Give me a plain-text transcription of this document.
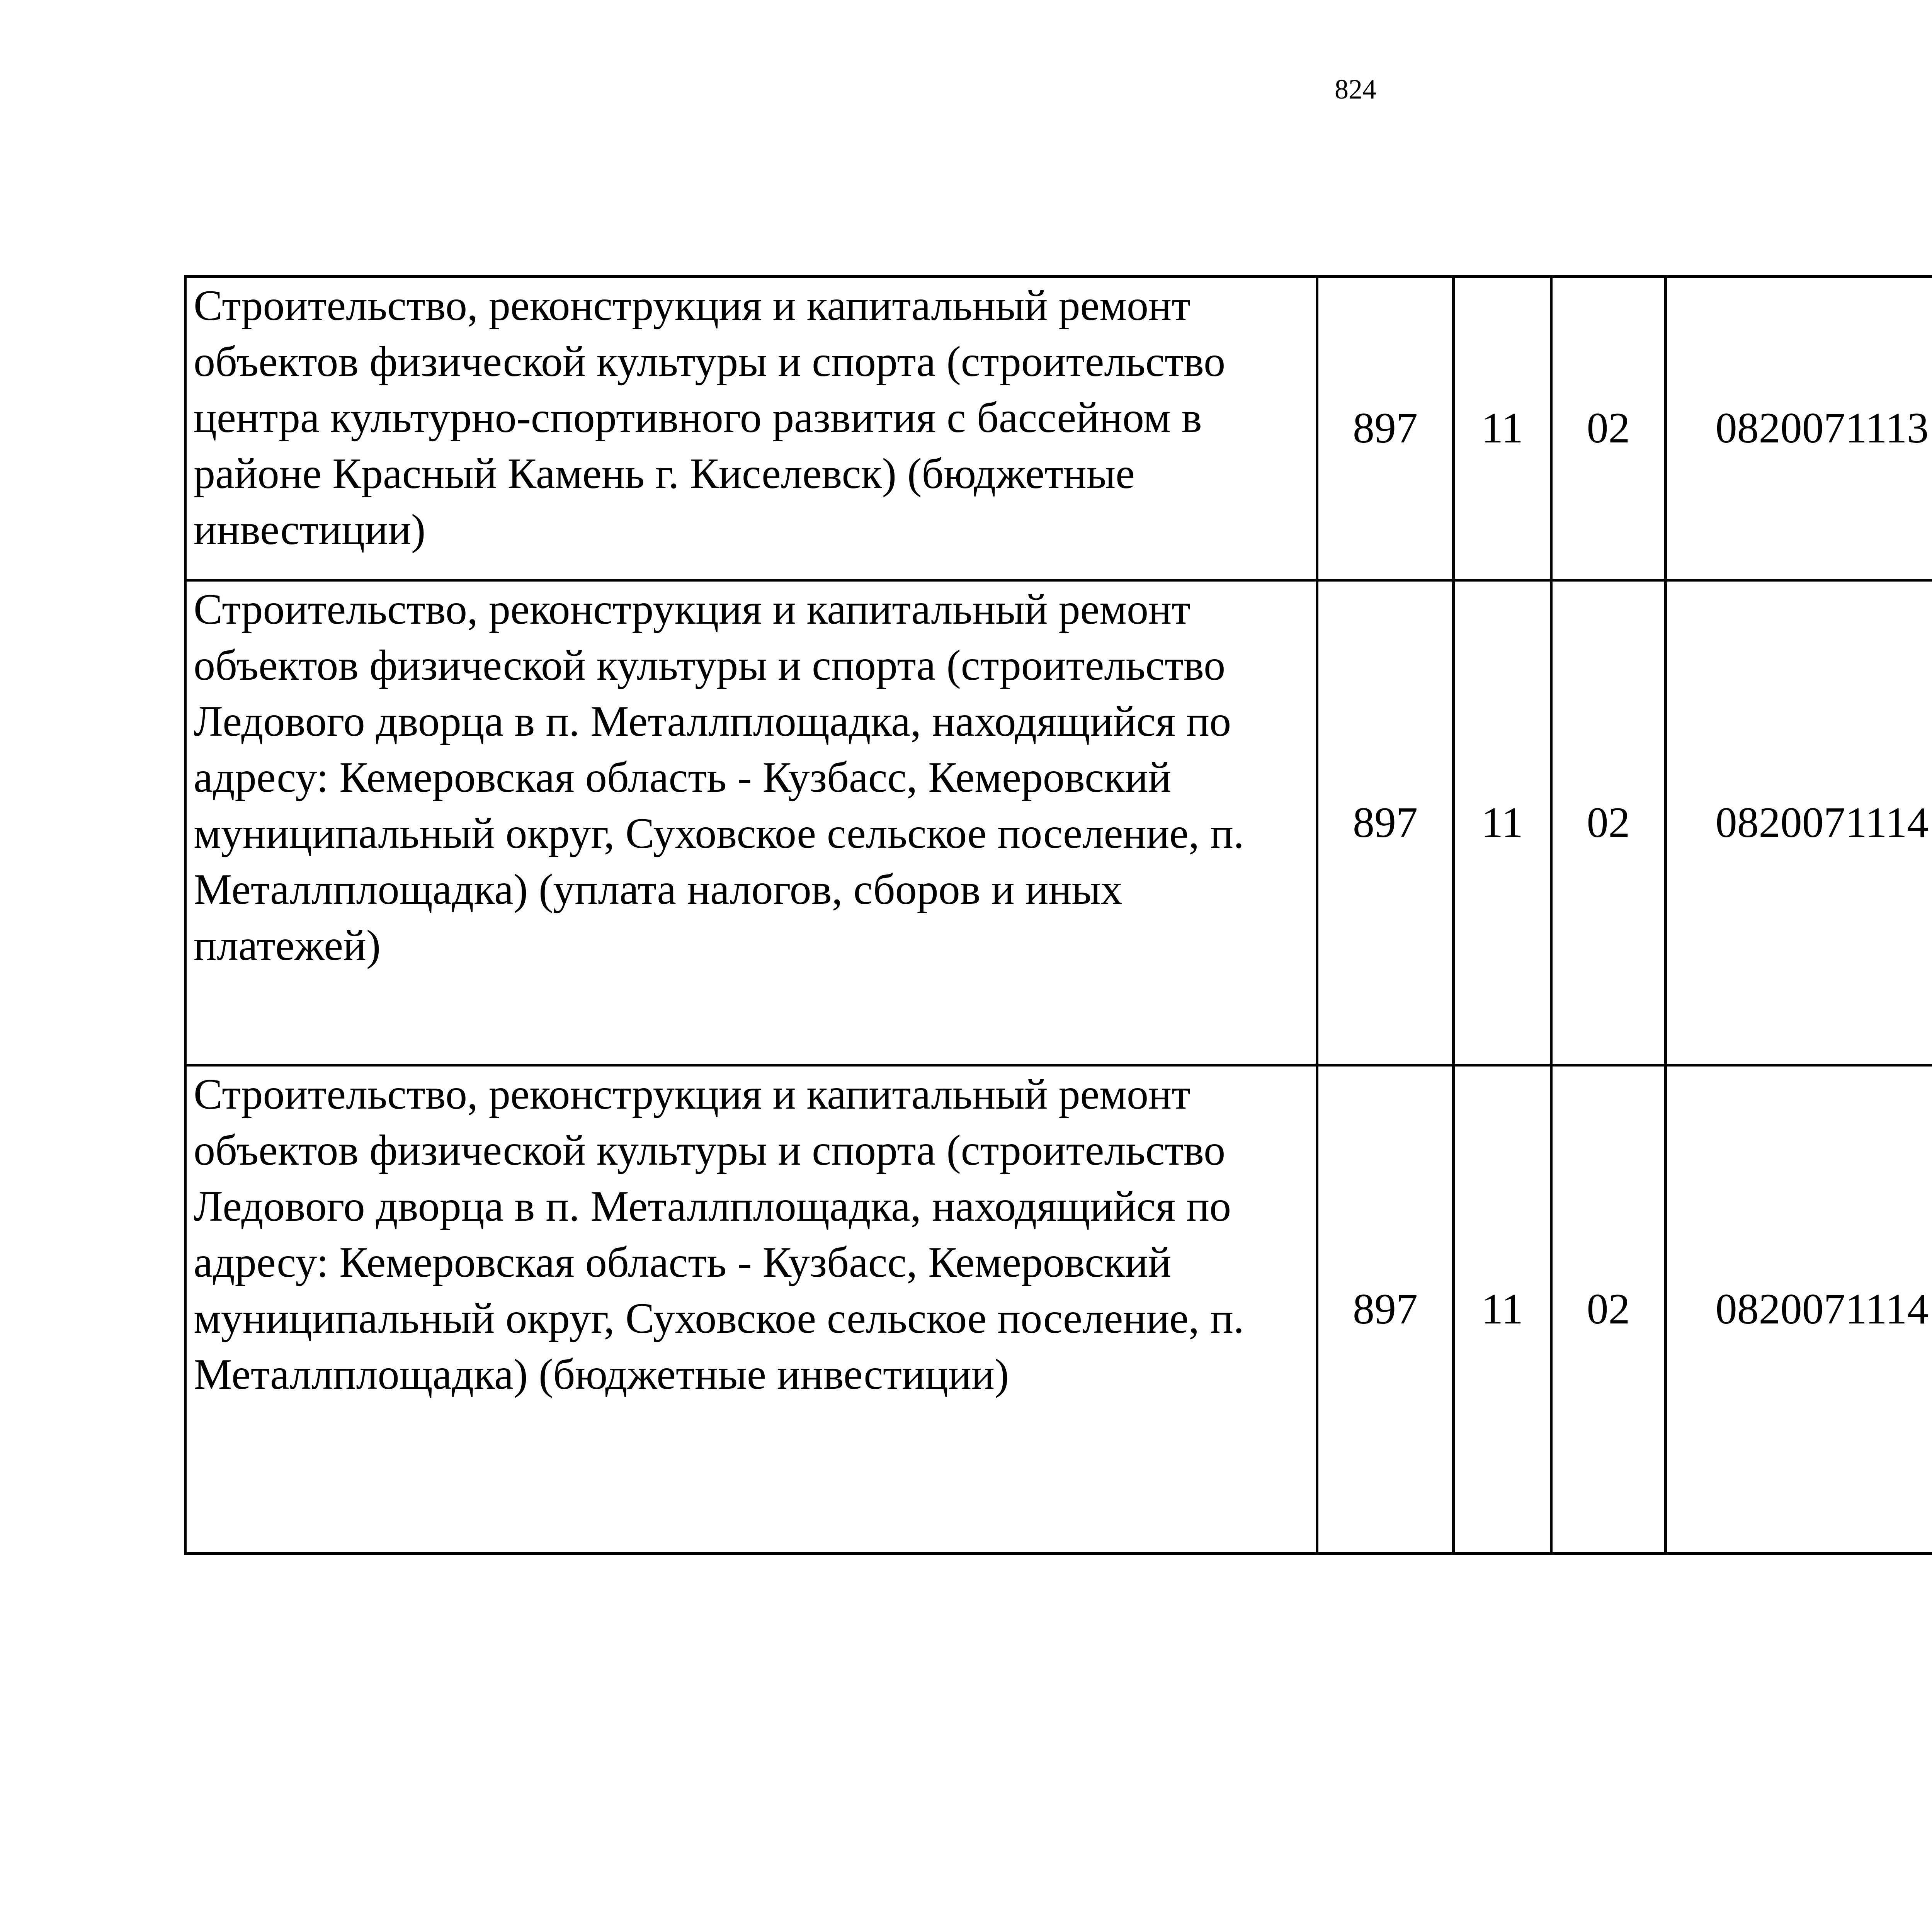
824
Строительство, реконструкция и капитальный ремонт объектов физической культуры и спорта (строительство центра культурно-спортивного развития с бассейном в районе Красный Камень г. Киселевск) (бюджетные инвестиции)	897	11	02	0820071113		
Строительство, реконструкция и капитальный ремонт объектов физической культуры и спорта (строительство Ледового дворца в п. Металлплощадка, находящийся по адресу: Кемеровская область - Кузбасс, Кемеровский муниципальный округ, Суховское сельское поселение, п. Металлплощадка) (уплата налогов, сборов и иных платежей)	897	11	02	0820071114		
Строительство, реконструкция и капитальный ремонт объектов физической культуры и спорта (строительство Ледового дворца в п. Металлплощадка, находящийся по адресу: Кемеровская область - Кузбасс, Кемеровский муниципальный округ, Суховское сельское поселение, п. Металлплощадка) (бюджетные инвестиции)	897	11	02	0820071114		
